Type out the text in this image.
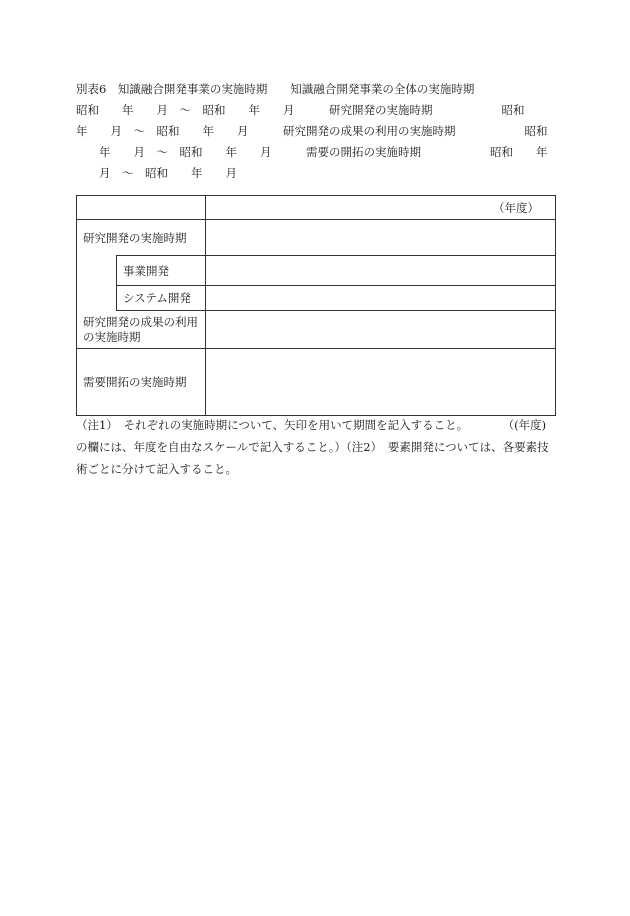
別表6　知識融合開発事業の実施時期　　知識融合開発事業の全体の実施時期
昭和　　年　　月　～　昭和　　年　　月　　　研究開発の実施時期　　　　　　昭和
年　　月　～　昭和　　年　　月　　　研究開発の成果の利用の実施時期　　　　　　昭和
　　年　　月　～　昭和　　年　　月　　　需要の開拓の実施時期　　　　　　昭和　　年
　　月　～　昭和　　年　　月
		（年度）
研究開発の実施時期		
	事業開発	
	システム開発	
研究開発の成果の利用の実施時期		
需要開拓の実施時期		
（注1）　それぞれの実施時期について、矢印を用いて期間を記入すること。　　　　（(年度)の欄には、年度を自由なスケールで記入すること。）（注2）　要素開発については、各要素技術ごとに分けて記入すること。
